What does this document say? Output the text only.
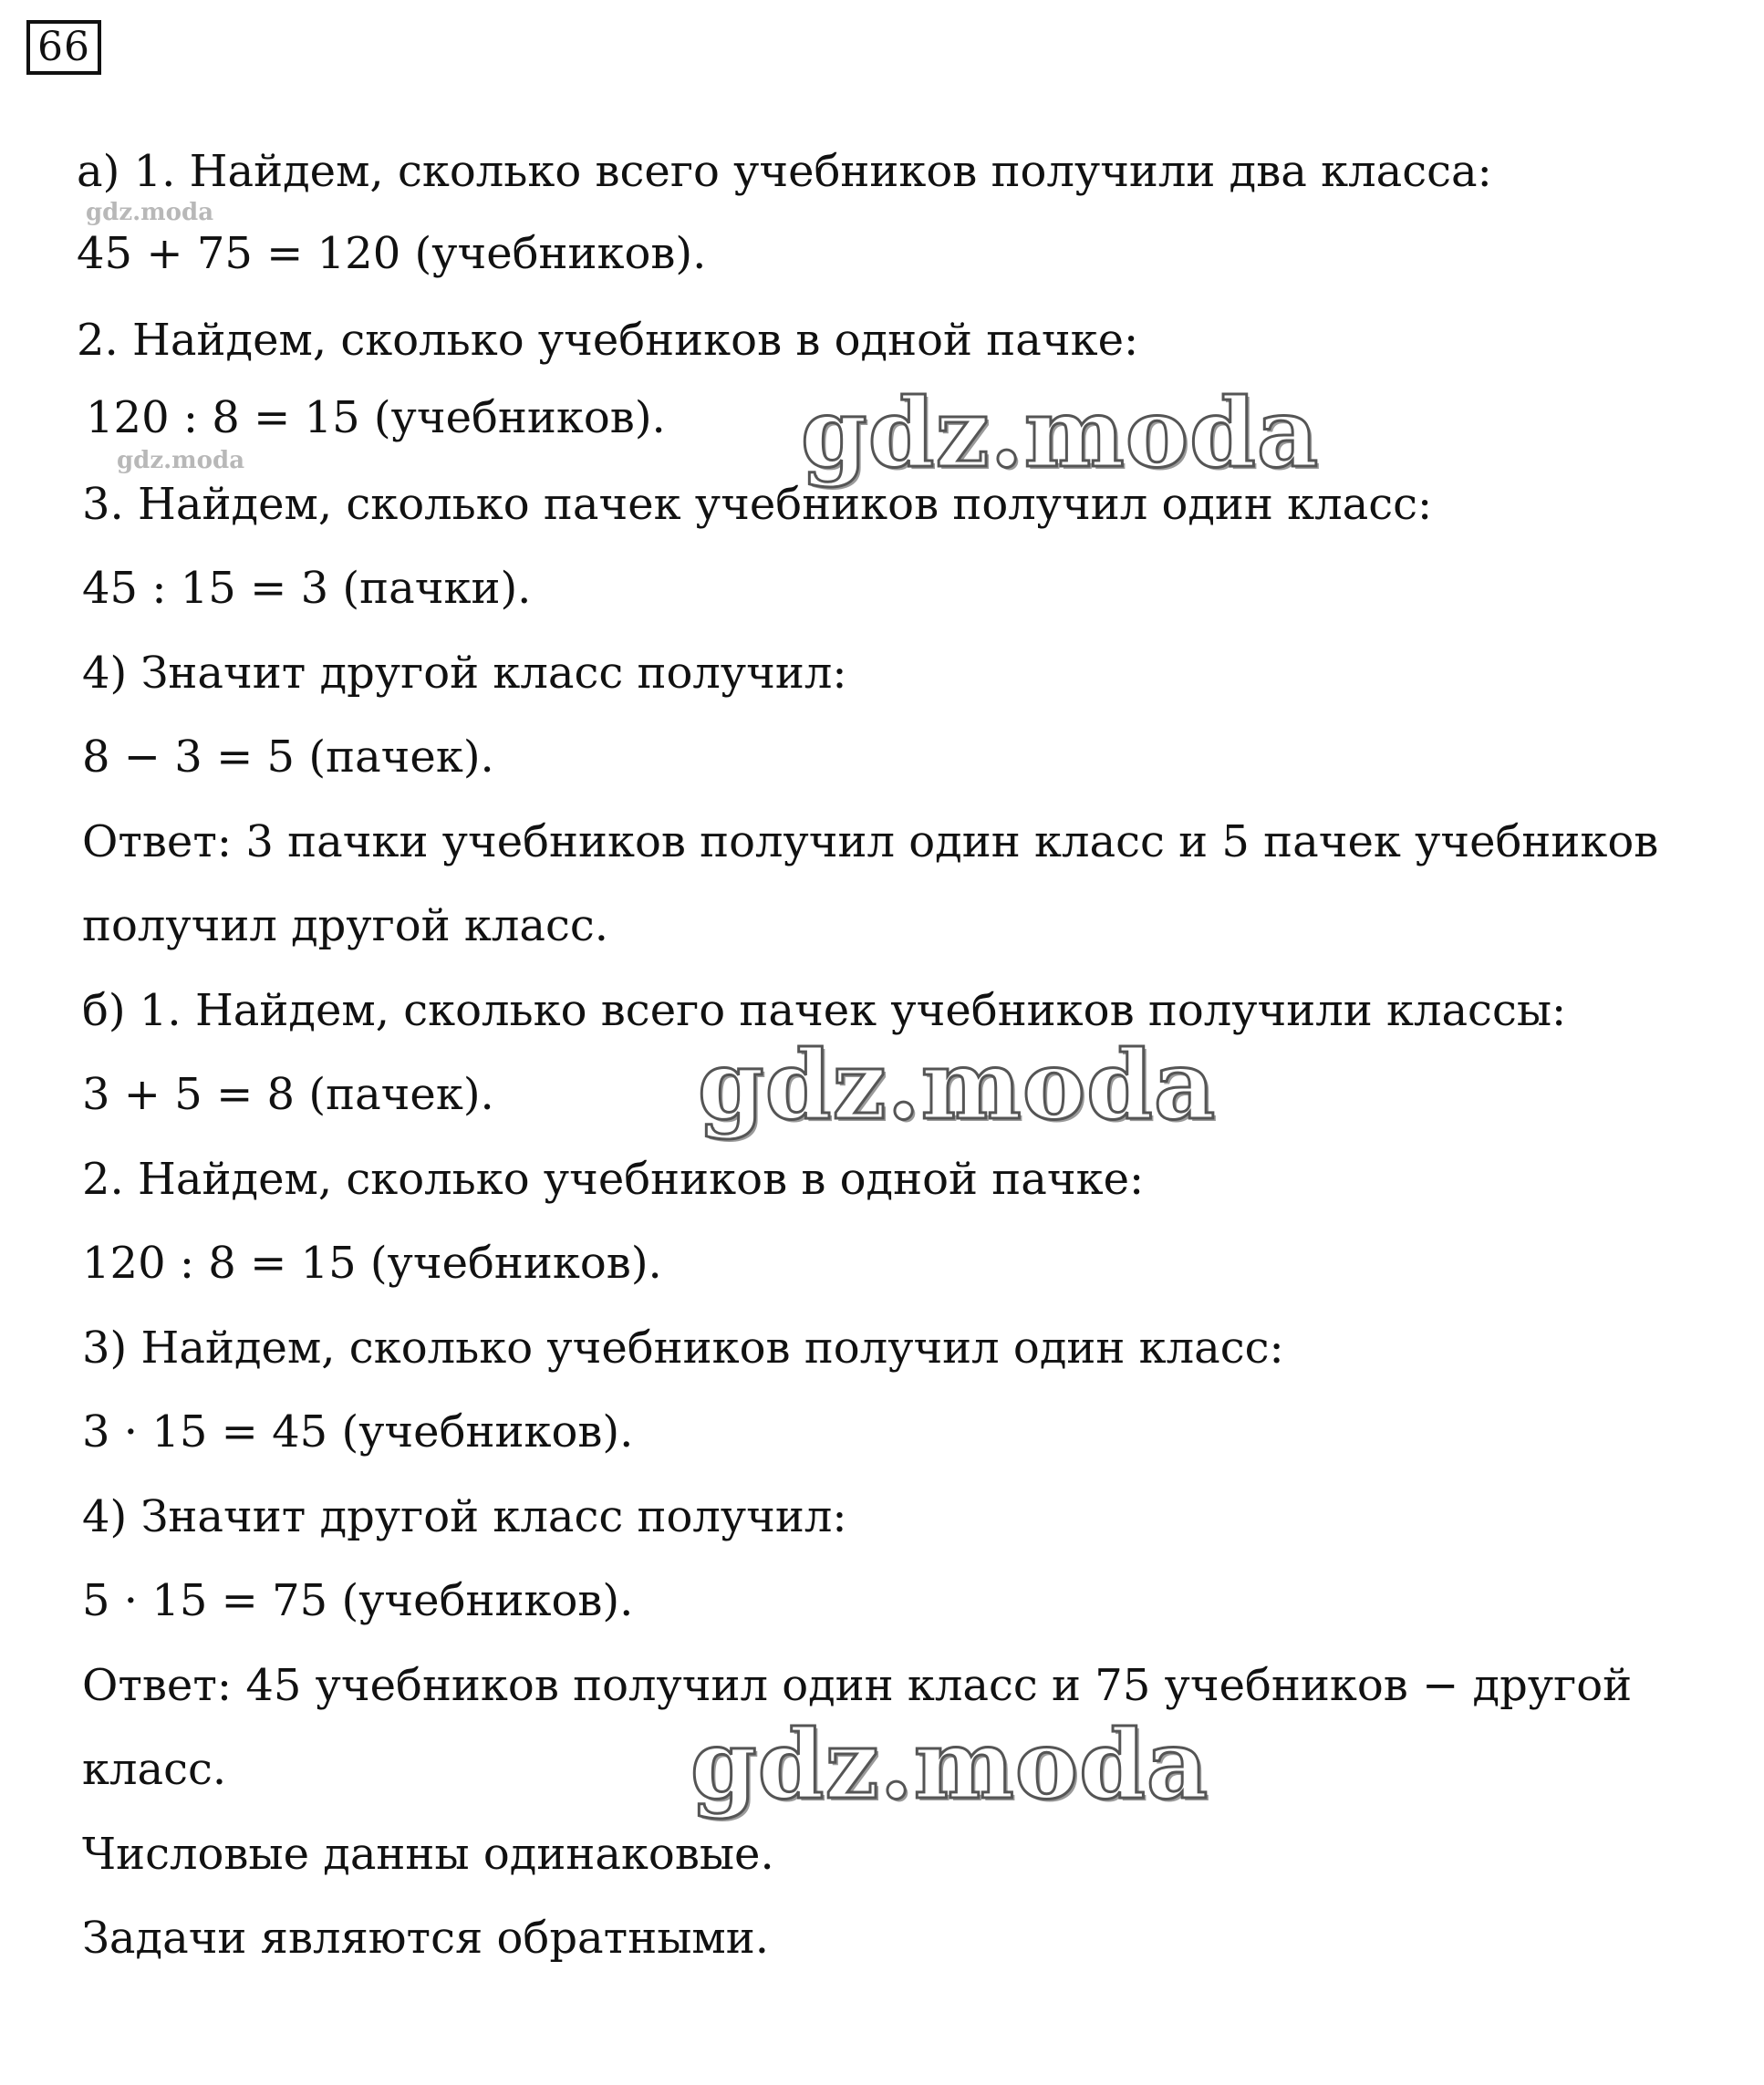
66
gdz.moda
gdz.moda
а) 1. Найдем, сколько всего учебников получили два класса:
45 + 75 = 120 (учебников).
2. Найдем, сколько учебников в одной пачке:
120 : 8 = 15 (учебников).
3. Найдем, сколько пачек учебников получил один класс:
45 : 15 = 3 (пачки).
4) Значит другой класс получил:
8 − 3 = 5 (пачек).
Ответ: 3 пачки учебников получил один класс и 5 пачек учебников
получил другой класс.
б) 1. Найдем, сколько всего пачек учебников получили классы:
3 + 5 = 8 (пачек).
2. Найдем, сколько учебников в одной пачке:
120 : 8 = 15 (учебников).
3) Найдем, сколько учебников получил один класс:
3 · 15 = 45 (учебников).
4) Значит другой класс получил:
5 · 15 = 75 (учебников).
Ответ: 45 учебников получил один класс и 75 учебников − другой
класс.
Числовые данны одинаковые.
Задачи являются обратными.
gdz.moda
gdz.moda
gdz.moda
